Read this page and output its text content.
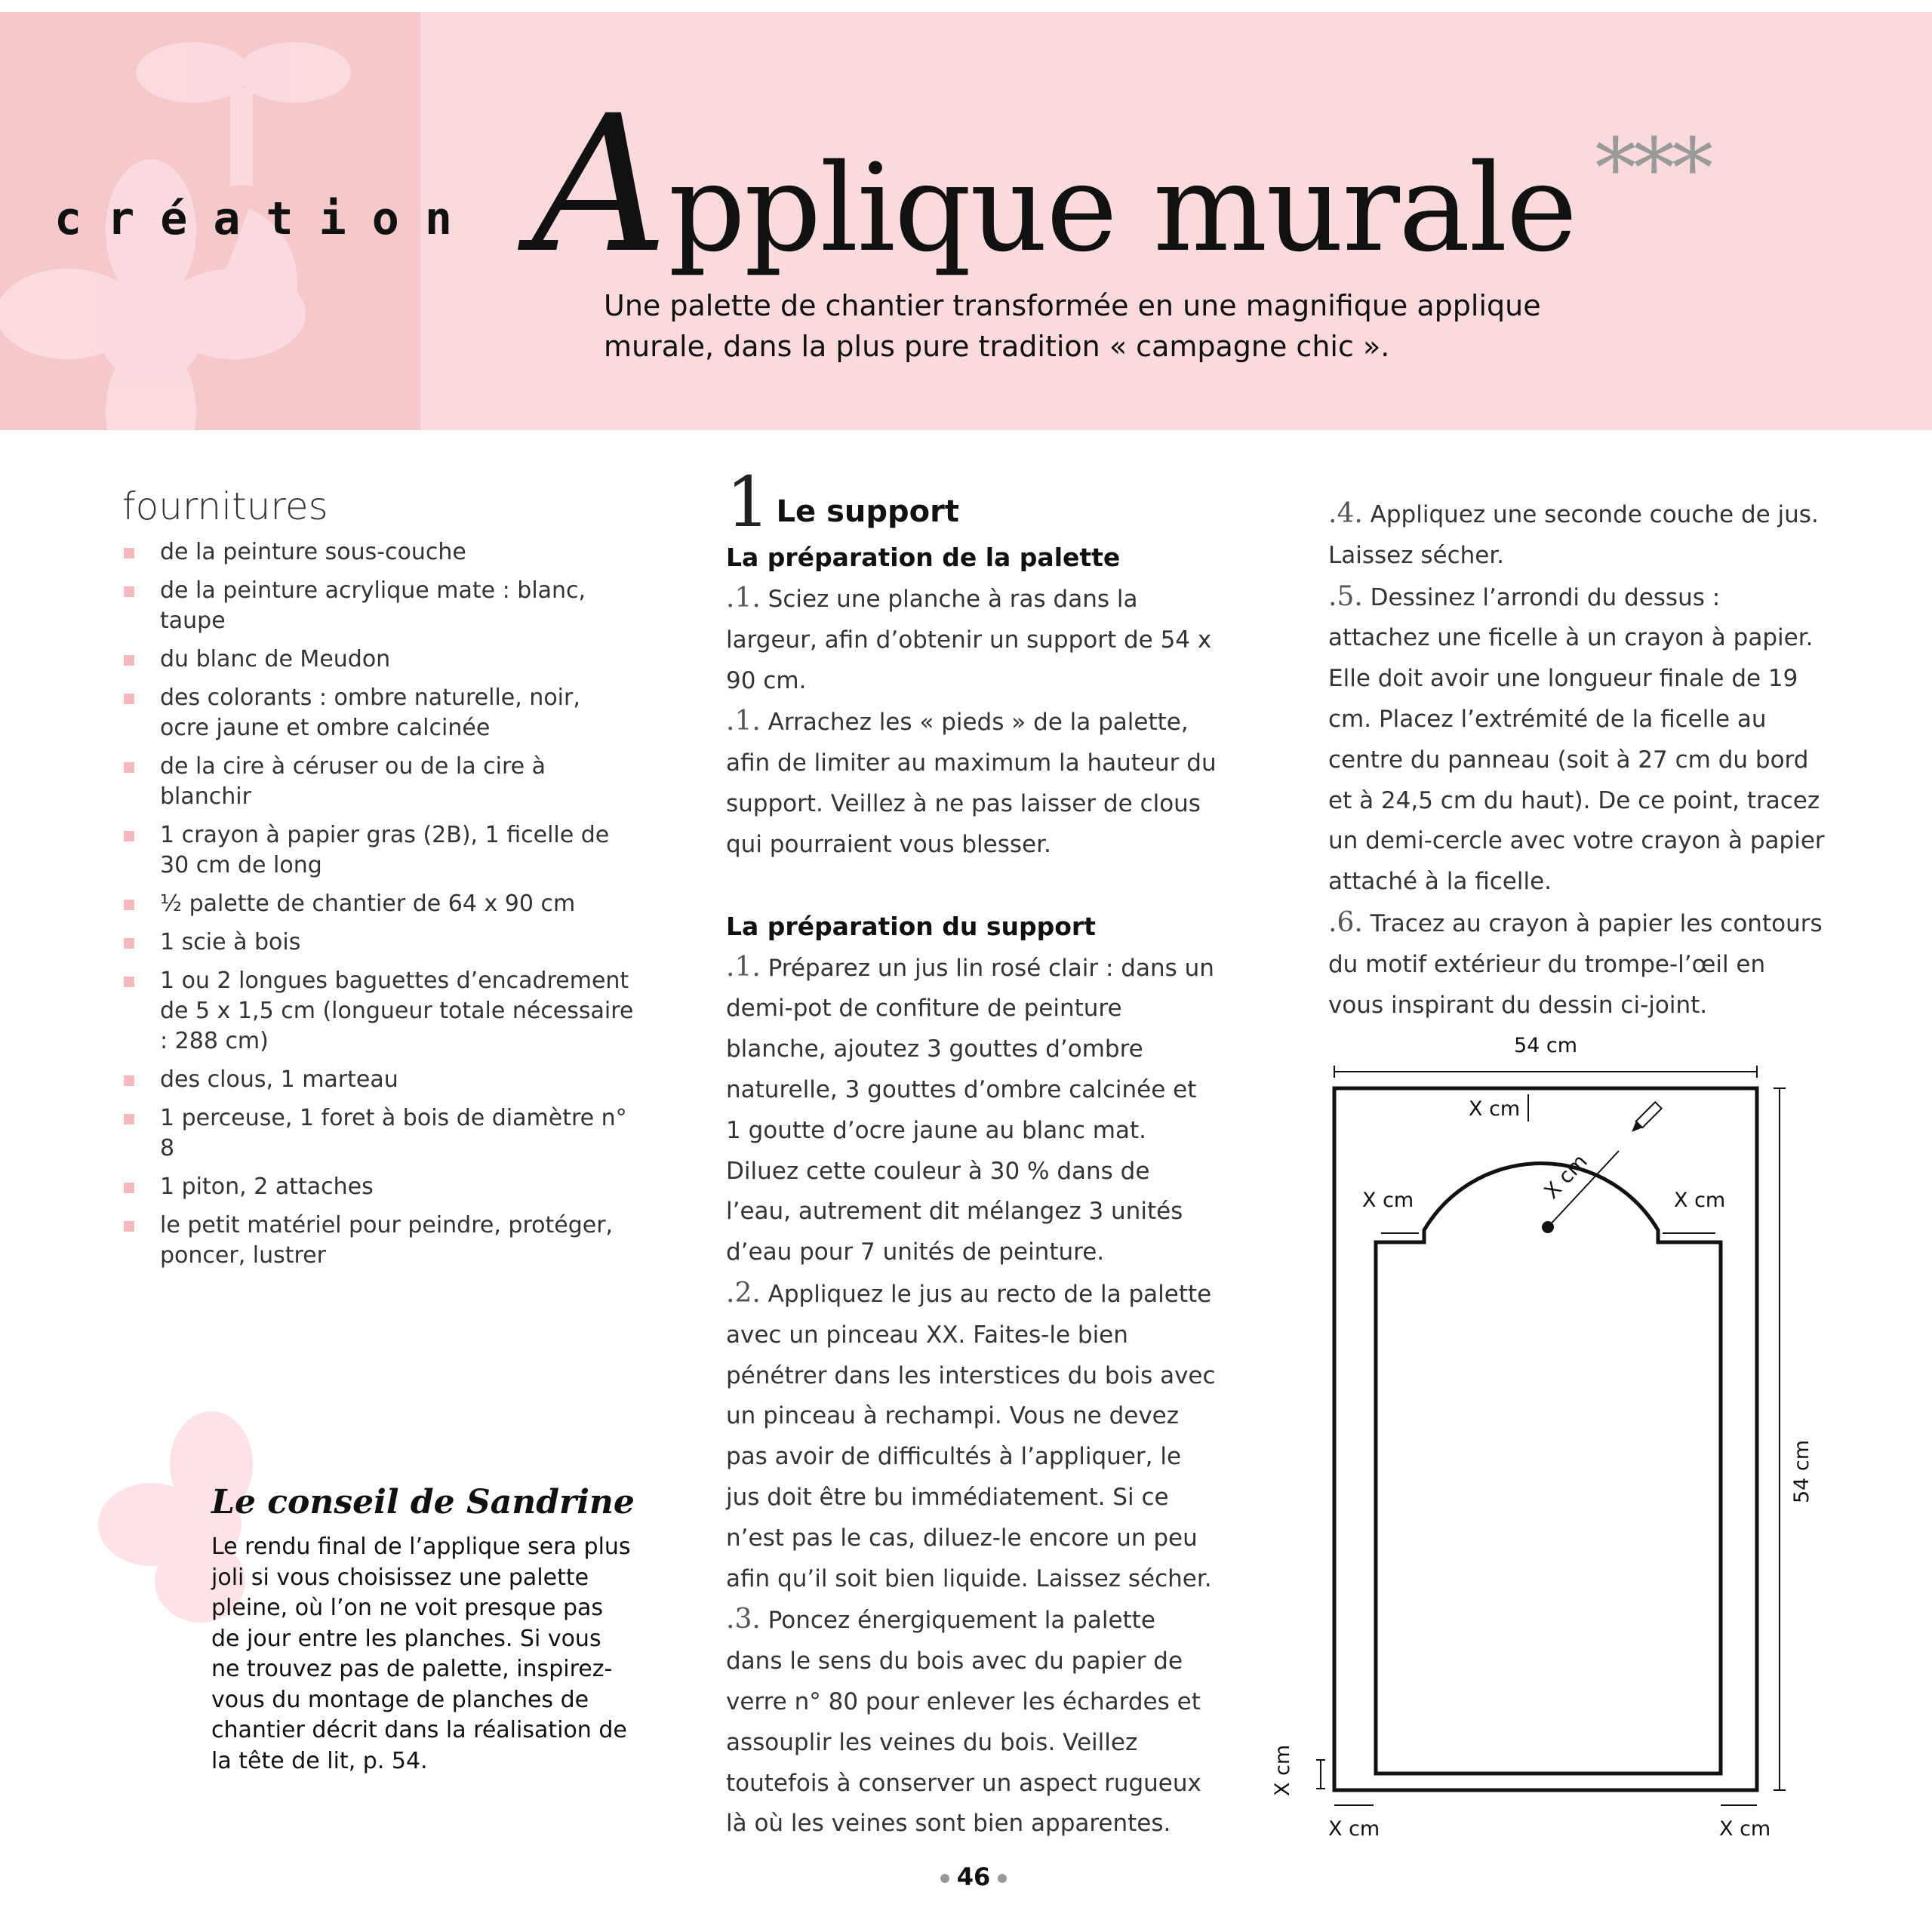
création Applique murale ***
Une palette de chantier transformée en une magnifique applique murale, dans la plus pure tradition « campagne chic ».
fournitures
de la peinture sous-couche
de la peinture acrylique mate : blanc, taupe
du blanc de Meudon
des colorants : ombre naturelle, noir, ocre jaune et ombre calcinée
de la cire à céruser ou de la cire à blanchir
1 crayon à papier gras (2B), 1 ficelle de 30 cm de long
½ palette de chantier de 64 x 90 cm
1 scie à bois
1 ou 2 longues baguettes d’encadrement de 5 x 1,5 cm (longueur totale nécessaire : 288 cm)
des clous, 1 marteau
1 perceuse, 1 foret à bois de diamètre n° 8
1 piton, 2 attaches
le petit matériel pour peindre, protéger, poncer, lustrer
Le conseil de Sandrine
Le rendu final de l’applique sera plus joli si vous choisissez une palette pleine, où l’on ne voit presque pas de jour entre les planches. Si vous ne trouvez pas de palette, inspirez-vous du montage de planches de chantier décrit dans la réalisation de la tête de lit, p. 54.
1 Le support
La préparation de la palette

.1. Sciez une planche à ras dans la largeur, afin d’obtenir un support de 54 x 90 cm.

.1. Arrachez les « pieds » de la palette, afin de limiter au maximum la hauteur du support. Veillez à ne pas laisser de clous qui pourraient vous blesser.

La préparation du support

.1. Préparez un jus lin rosé clair : dans un demi-pot de confiture de peinture blanche, ajoutez 3 gouttes d’ombre naturelle, 3 gouttes d’ombre calcinée et 1 goutte d’ocre jaune au blanc mat. Diluez cette couleur à 30 % dans de l’eau, autrement dit mélangez 3 unités d’eau pour 7 unités de peinture.

.2. Appliquez le jus au recto de la palette avec un pinceau XX. Faites-le bien pénétrer dans les interstices du bois avec un pinceau à rechampi. Vous ne devez pas avoir de difficultés à l’appliquer, le jus doit être bu immédiatement. Si ce n’est pas le cas, diluez-le encore un peu afin qu’il soit bien liquide. Laissez sécher.

.3. Poncez énergiquement la palette dans le sens du bois avec du papier de verre n° 80 pour enlever les échardes et assouplir les veines du bois. Veillez toutefois à conserver un aspect rugueux là où les veines sont bien apparentes.

.4. Appliquez une seconde couche de jus. Laissez sécher.

.5. Dessinez l’arrondi du dessus : attachez une ficelle à un crayon à papier. Elle doit avoir une longueur finale de 19 cm. Placez l’extrémité de la ficelle au centre du panneau (soit à 27 cm du bord et à 24,5 cm du haut). De ce point, tracez un demi-cercle avec votre crayon à papier attaché à la ficelle.

.6. Tracez au crayon à papier les contours du motif extérieur du trompe-l’œil en vous inspirant du dessin ci-joint.

54 cm
X cm
X cm
X cm	X cm
54 cm
X cm
X cm	X cm
46
